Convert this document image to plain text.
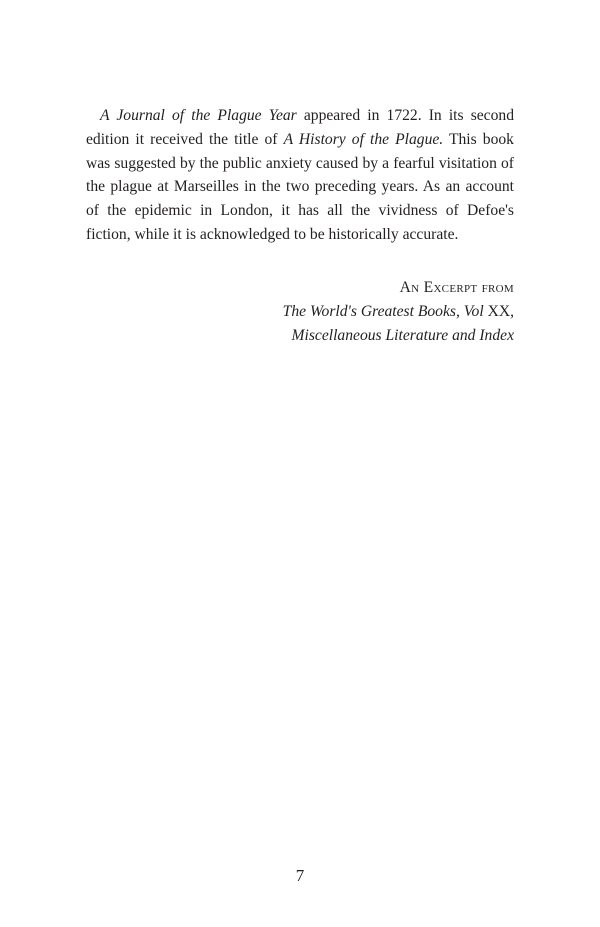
A Journal of the Plague Year appeared in 1722. In its second edition it received the title of A History of the Plague. This book was suggested by the public anxiety caused by a fearful visitation of the plague at Marseilles in the two preceding years. As an account of the epidemic in London, it has all the vividness of Defoe's fiction, while it is acknowledged to be historically accurate.

An Excerpt from
The World's Greatest Books, Vol XX,
Miscellaneous Literature and Index
7
